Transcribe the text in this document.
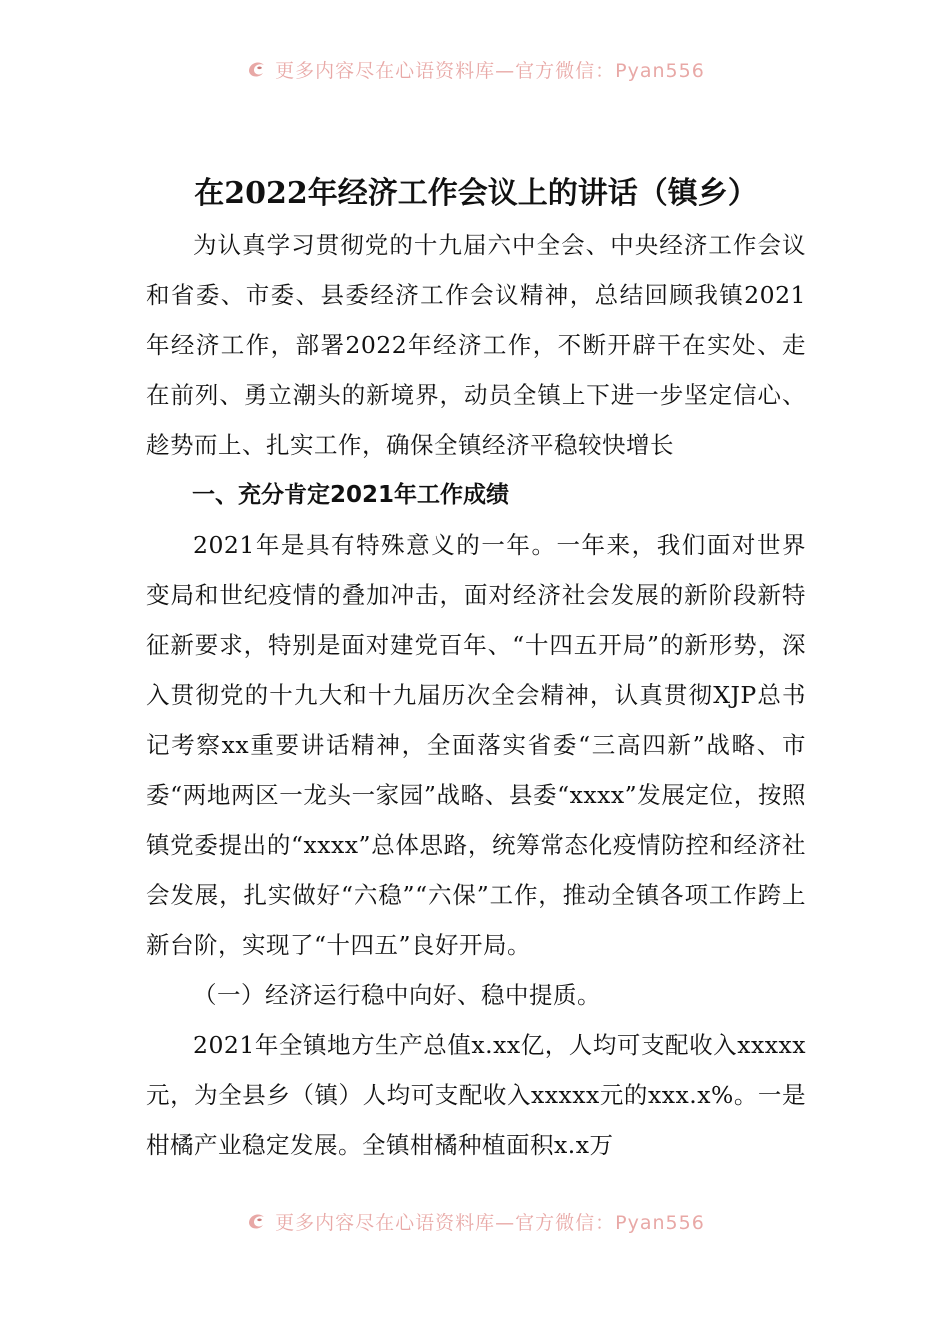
更多内容尽在心语资料库—官方微信：Pyan556
在2022年经济工作会议上的讲话（镇乡）

为认真学习贯彻党的十九届六中全会、中央经济工作会议和省委、市委、县委经济工作会议精神，总结回顾我镇2021年经济工作，部署2022年经济工作，不断开辟干在实处、走在前列、勇立潮头的新境界，动员全镇上下进一步坚定信心、趁势而上、扎实工作，确保全镇经济平稳较快增长

一、充分肯定2021年工作成绩

2021年是具有特殊意义的一年。一年来，我们面对世界变局和世纪疫情的叠加冲击，面对经济社会发展的新阶段新特征新要求，特别是面对建党百年、“十四五开局”的新形势，深入贯彻党的十九大和十九届历次全会精神，认真贯彻XJP总书记考察xx重要讲话精神，全面落实省委“三高四新”战略、市委“两地两区一龙头一家园”战略、县委“xxxx”发展定位，按照镇党委提出的“xxxx”总体思路，统筹常态化疫情防控和经济社会发展，扎实做好“六稳”“六保”工作，推动全镇各项工作跨上新台阶，实现了“十四五”良好开局。

（一）经济运行稳中向好、稳中提质。

2021年全镇地方生产总值x.xx亿，人均可支配收入xxxxx元，为全县乡（镇）人均可支配收入xxxxx元的xxx.x%。一是柑橘产业稳定发展。全镇柑橘种植面积x.x万

更多内容尽在心语资料库—官方微信：Pyan556
